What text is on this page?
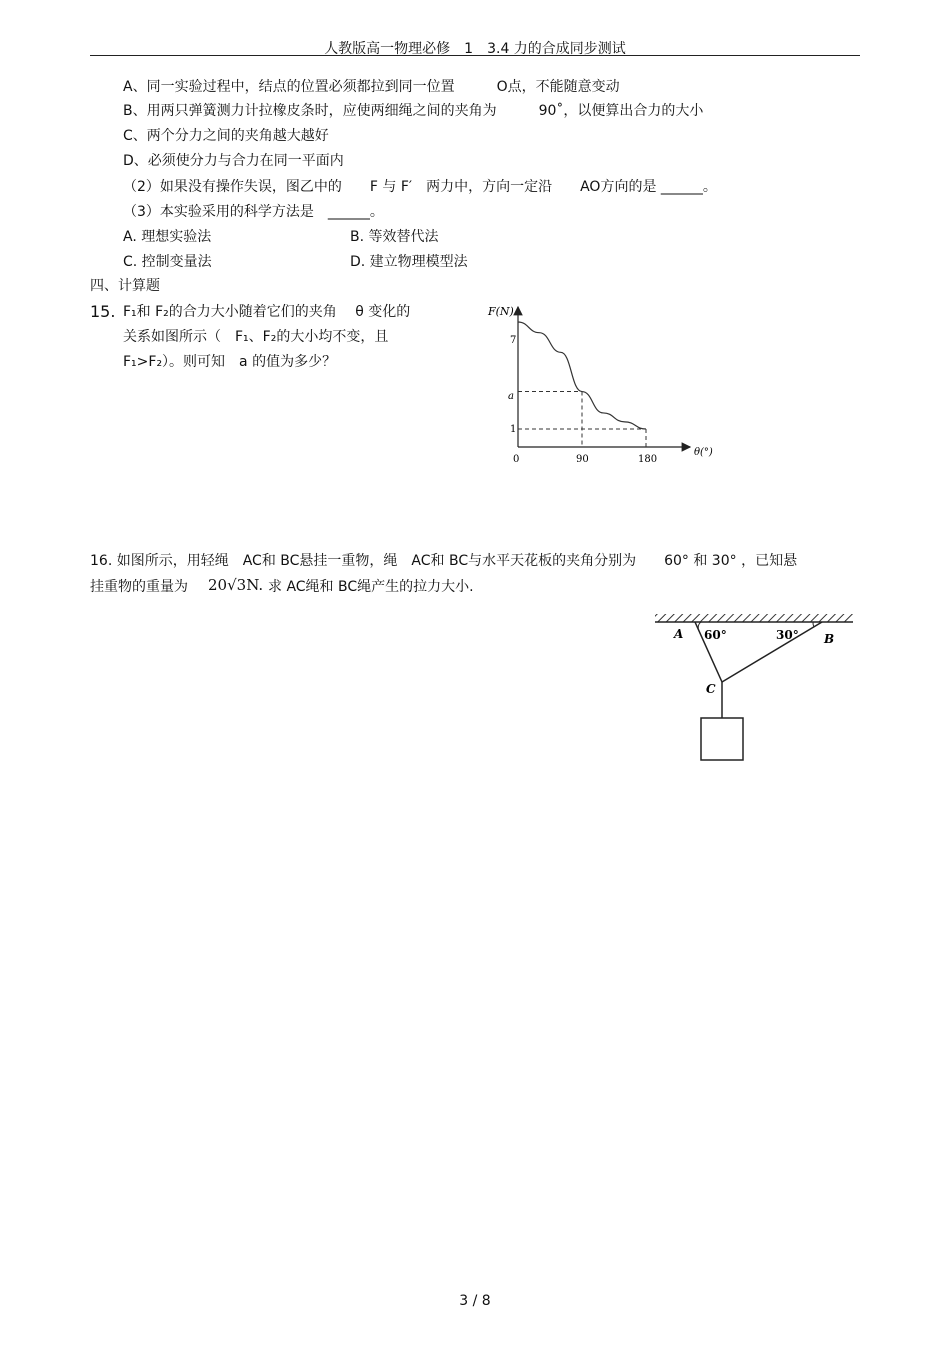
人教版高一物理必修　1　3.4 力的合成同步测试
A、同一实验过程中，结点的位置必须都拉到同一位置　　　O点，不能随意变动
B、用两只弹簧测力计拉橡皮条时，应使两细绳之间的夹角为　　　90˚，以便算出合力的大小
C、两个分力之间的夹角越大越好
D、必须使分力与合力在同一平面内
（2）如果没有操作失误，图乙中的　　F 与 F′　两力中，方向一定沿　　AO方向的是 ______。
（3）本实验采用的科学方法是　______。
A. 理想实验法	B. 等效替代法
C. 控制变量法	D. 建立物理模型法
四、计算题
15. F₁和 F₂的合力大小随着它们的夹角　 θ 变化的
关系如图所示（　F₁、F₂的大小均不变，且
F₁>F₂）。则可知　a 的值为多少？
F(N)
θ(°)
0	90	180
7
a
1
16. 如图所示，用轻绳　AC和 BC悬挂一重物，绳　AC和 BC与水平天花板的夹角分别为　　60° 和 30° ，已知悬
挂重物的重量为 20√3N. 求 AC绳和 BC绳产生的拉力大小.
A	B
C
60°	30°
3 / 8
